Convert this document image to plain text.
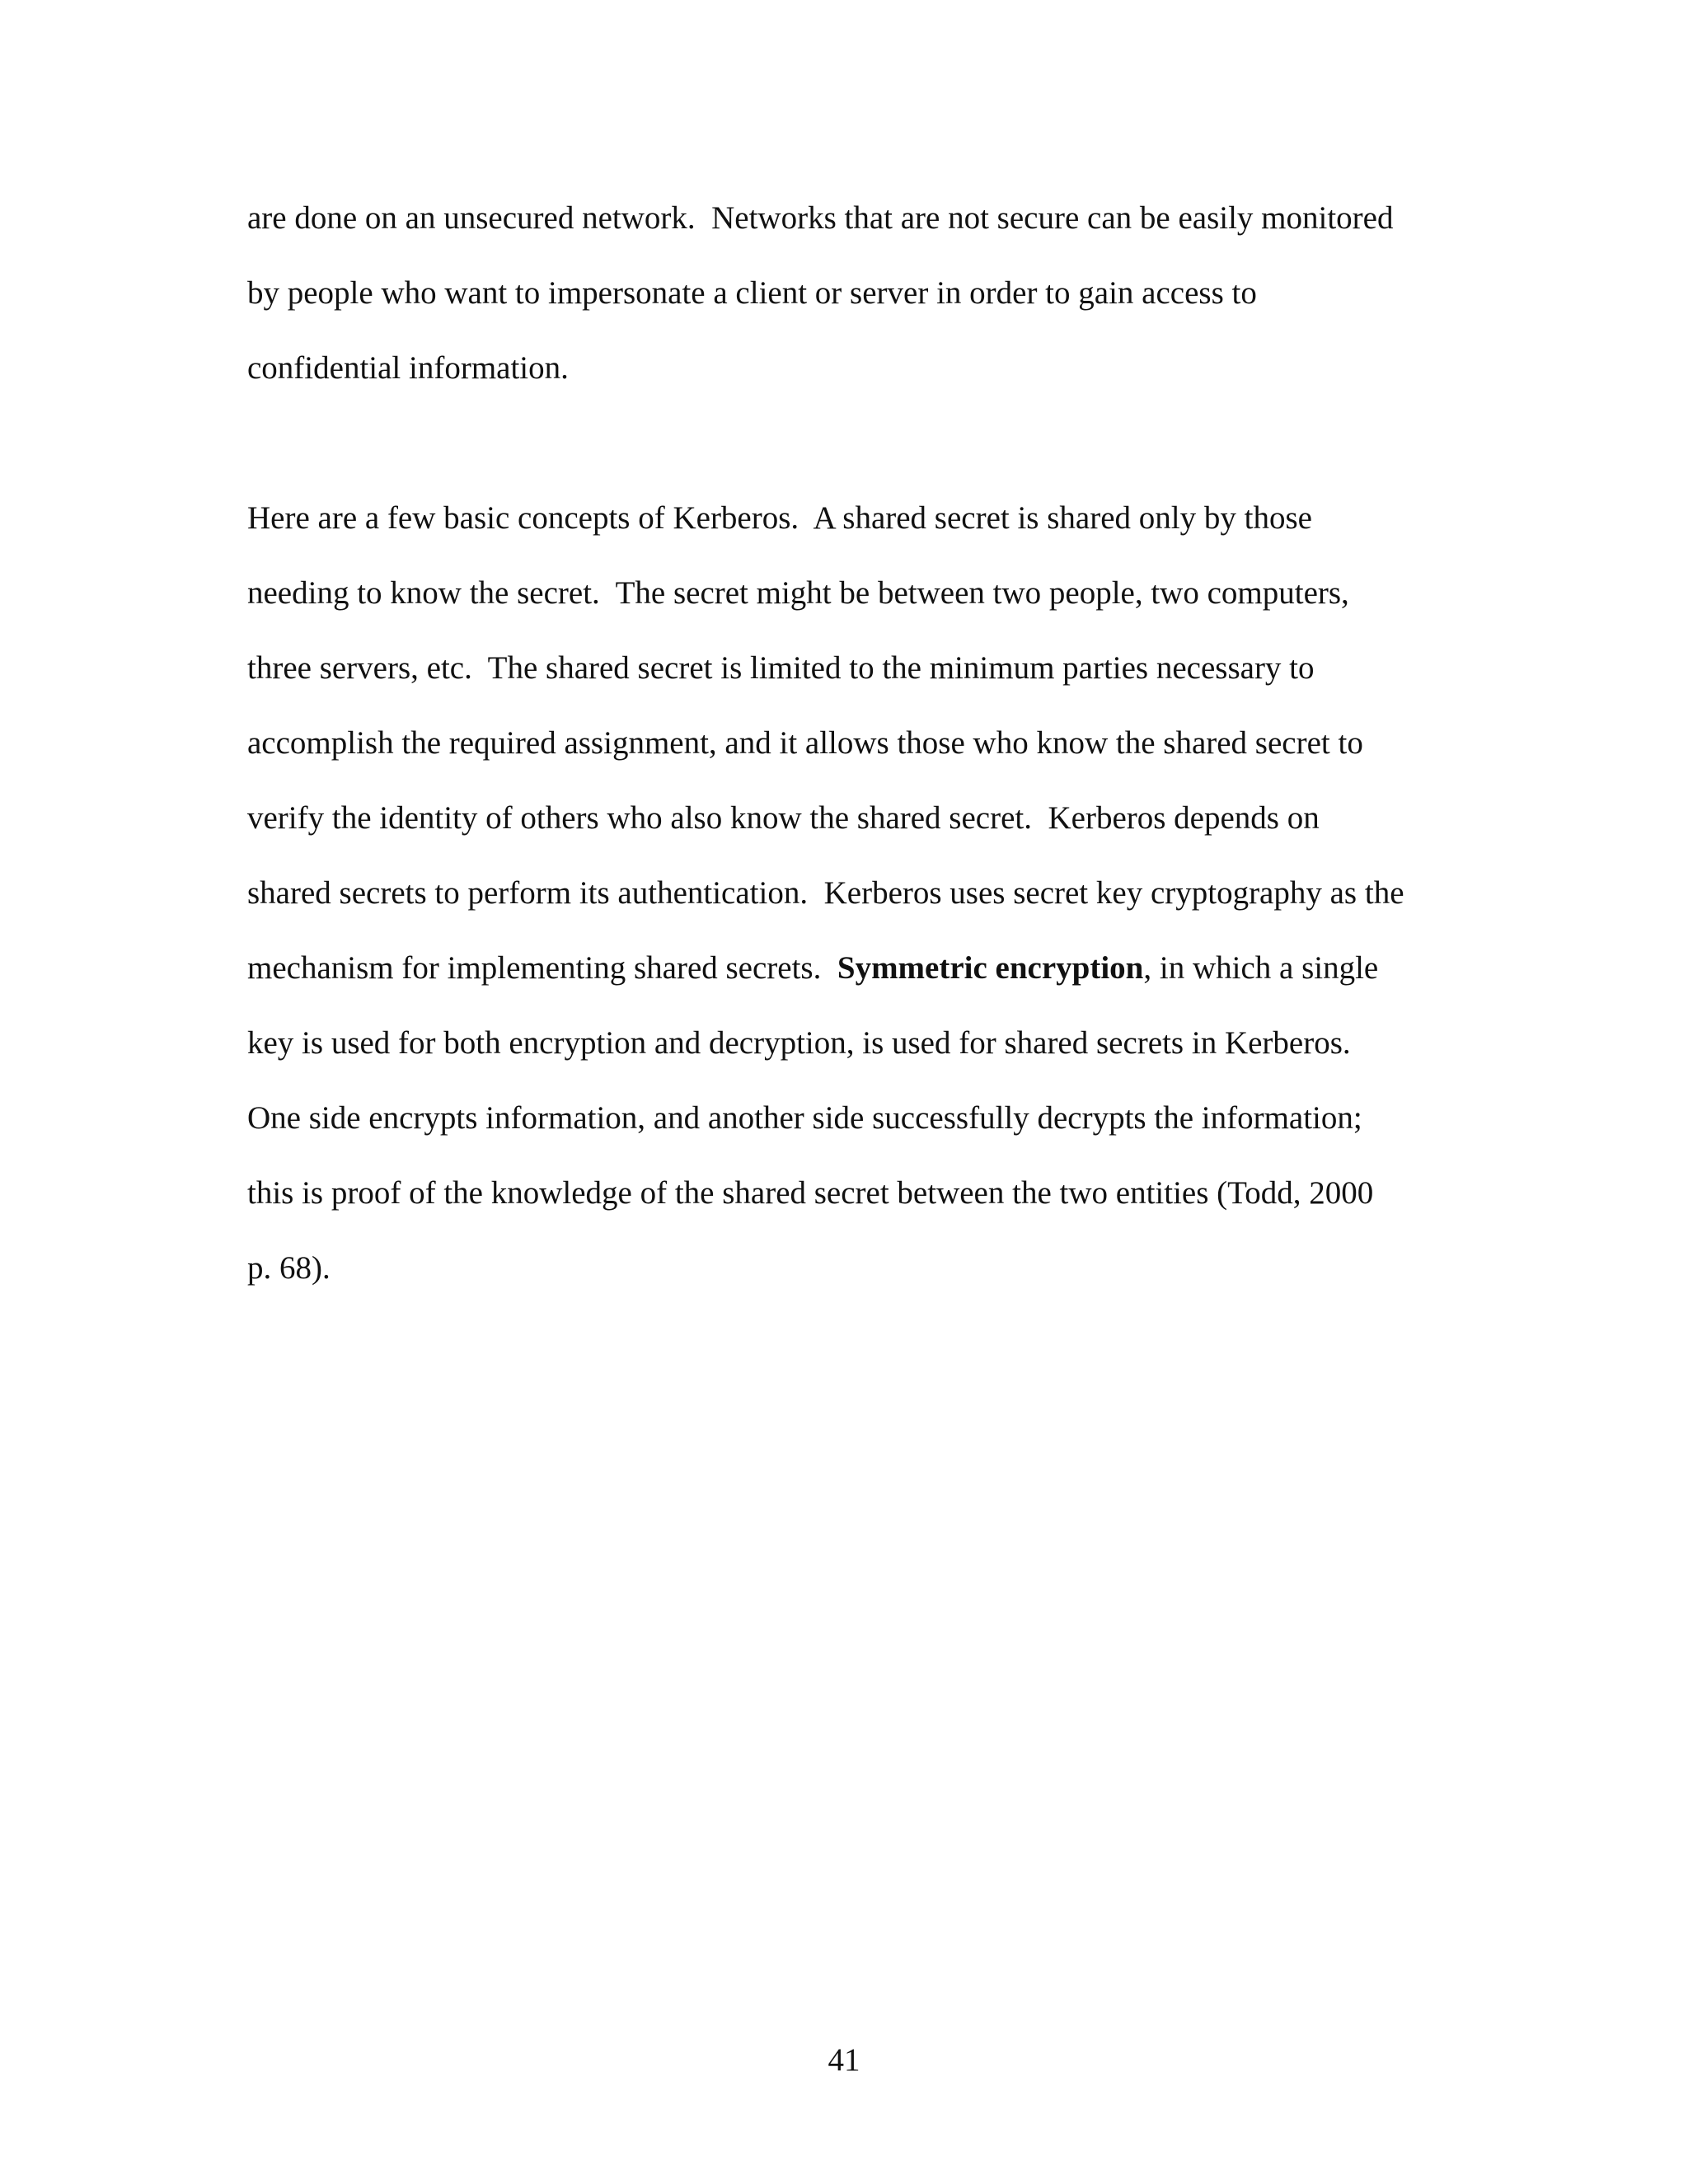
are done on an unsecured network.  Networks that are not secure can be easily monitored

by people who want to impersonate a client or server in order to gain access to

confidential information.

Here are a few basic concepts of Kerberos.  A shared secret is shared only by those

needing to know the secret.  The secret might be between two people, two computers,

three servers, etc.  The shared secret is limited to the minimum parties necessary to

accomplish the required assignment, and it allows those who know the shared secret to

verify the identity of others who also know the shared secret.  Kerberos depends on

shared secrets to perform its authentication.  Kerberos uses secret key cryptography as the

mechanism for implementing shared secrets.  Symmetric encryption, in which a single

key is used for both encryption and decryption, is used for shared secrets in Kerberos.

One side encrypts information, and another side successfully decrypts the information;

this is proof of the knowledge of the shared secret between the two entities (Todd, 2000

p. 68).

41
